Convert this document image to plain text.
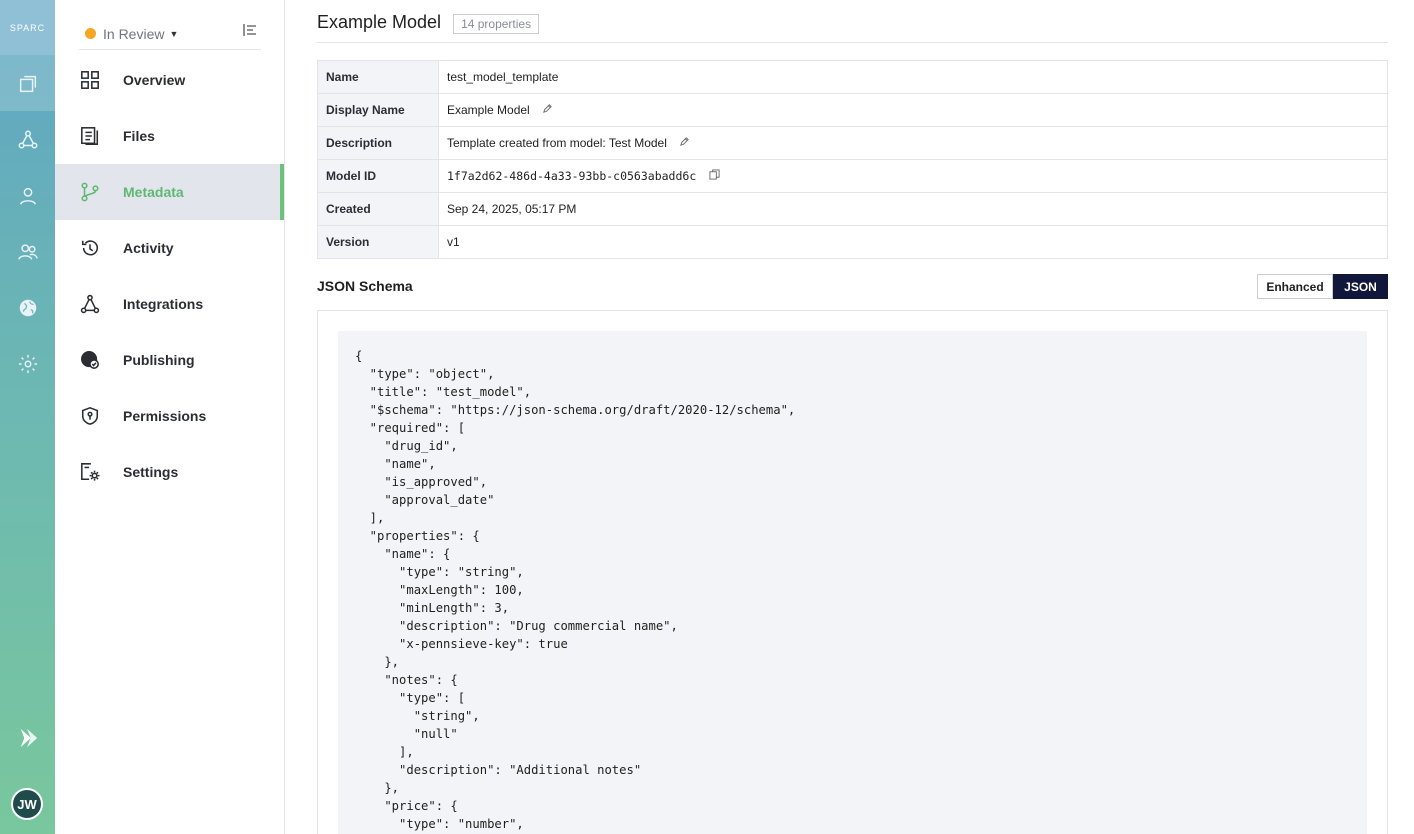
SPARC
JW
In Review ▼
Overview
Files
Metadata
Activity
Integrations
Publishing
Permissions
Settings
Example Model	14 properties
Name	test_model_template
Display Name	Example Model
Description	Template created from model: Test Model
Model ID	1f7a2d62-486d-4a33-93bb-c0563abadd6c
Created	Sep 24, 2025, 05:17 PM
Version	v1
JSON Schema	Enhanced	JSON
{
"type": "object",
"title": "test_model",
"$schema": "https://json-schema.org/draft/2020-12/schema",
"required": [
"drug_id",
"name",
"is_approved",
"approval_date"
],
"properties": {
"name": {
"type": "string",
"maxLength": 100,
"minLength": 3,
"description": "Drug commercial name",
"x-pennsieve-key": true
},
"notes": {
"type": [
"string",
"null"
],
"description": "Additional notes"
},
"price": {
"type": "number",
